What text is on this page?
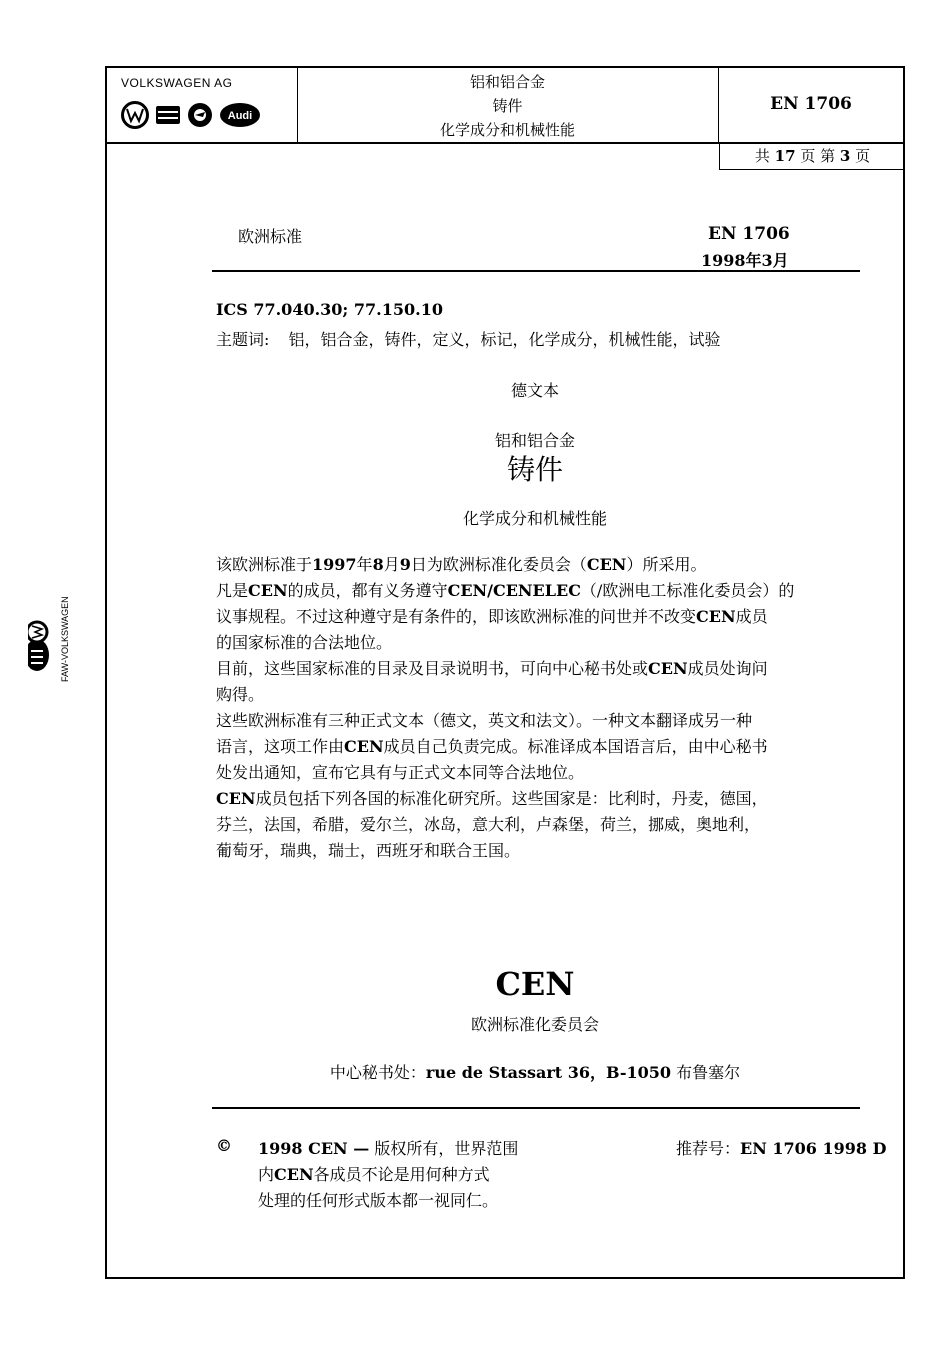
VOLKSWAGEN AG
Audi
铝和铝合金
铸件
化学成分和机械性能
EN 1706
共 17 页 第 3 页
FAW-VOLKSWAGEN
欧洲标准	EN 1706
1998年3月
ICS 77.040.30; 77.150.10
主题词: 铝，铝合金，铸件，定义，标记，化学成分，机械性能，试验
德文本
铝和铝合金
铸件
化学成分和机械性能

该欧洲标准于1997年8月9日为欧洲标准化委员会（CEN）所采用。

凡是CEN的成员，都有义务遵守CEN/CENELEC（/欧洲电工标准化委员会）的
议事规程。不过这种遵守是有条件的，即该欧洲标准的问世并不改变CEN成员
的国家标准的合法地位。

目前，这些国家标准的目录及目录说明书，可向中心秘书处或CEN成员处询问
购得。

这些欧洲标准有三种正式文本（德文，英文和法文）。一种文本翻译成另一种
语言，这项工作由CEN成员自己负责完成。标准译成本国语言后，由中心秘书
处发出通知，宣布它具有与正式文本同等合法地位。

CEN成员包括下列各国的标准化研究所。这些国家是：比利时，丹麦，德国，
芬兰，法国，希腊，爱尔兰，冰岛，意大利，卢森堡，荷兰，挪威，奥地利，
葡萄牙，瑞典，瑞士，西班牙和联合王国。

CEN
欧洲标准化委员会
中心秘书处：rue de Stassart 36，B-1050 布鲁塞尔
© 1998 CEN — 版权所有，世界范围
内CEN各成员不论是用何种方式
处理的任何形式版本都一视同仁。
推荐号：EN 1706 1998 D
